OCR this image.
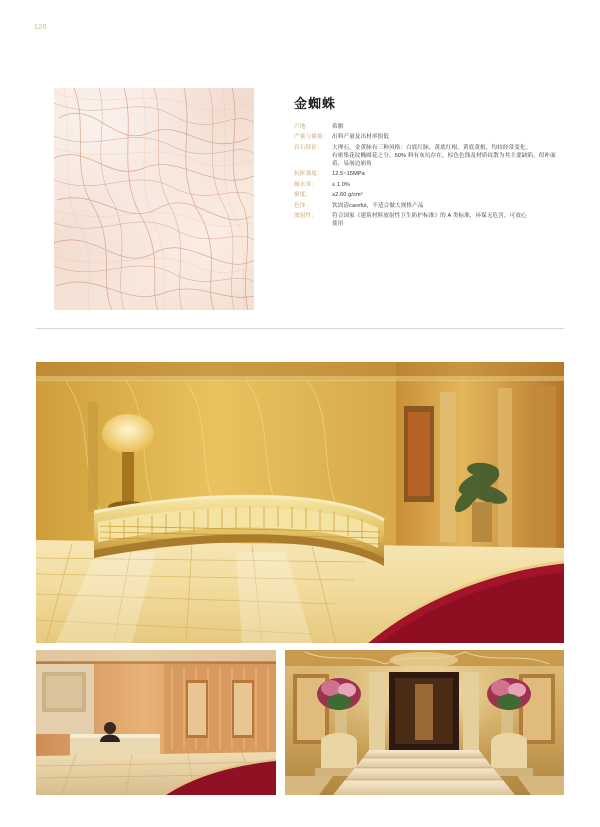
126
金蜘蛛
产地：	希腊
产量与储量： 出料产量及出材率很低
岩石特征：	大理石，金黄脉有三种风格：白底红脉、黄底红根、黄底黄根，均较经常变化。
有密集花纹椭圆花之分，50% 料有灰坑存在，棕色色线及材质纹散为其主要缺陷。似补面着，易崩边崩角
抗折强度：	12.5~15MPa
吸水率：	≤ 1.0%
密度：	≥2.60 g/cm³
色泽：	饮固清careful，不适合做大规格产品
放射性：	符合国家《建筑材料放射性卫生防护标准》的 A 类标准，环保无危害，可放心
使用
